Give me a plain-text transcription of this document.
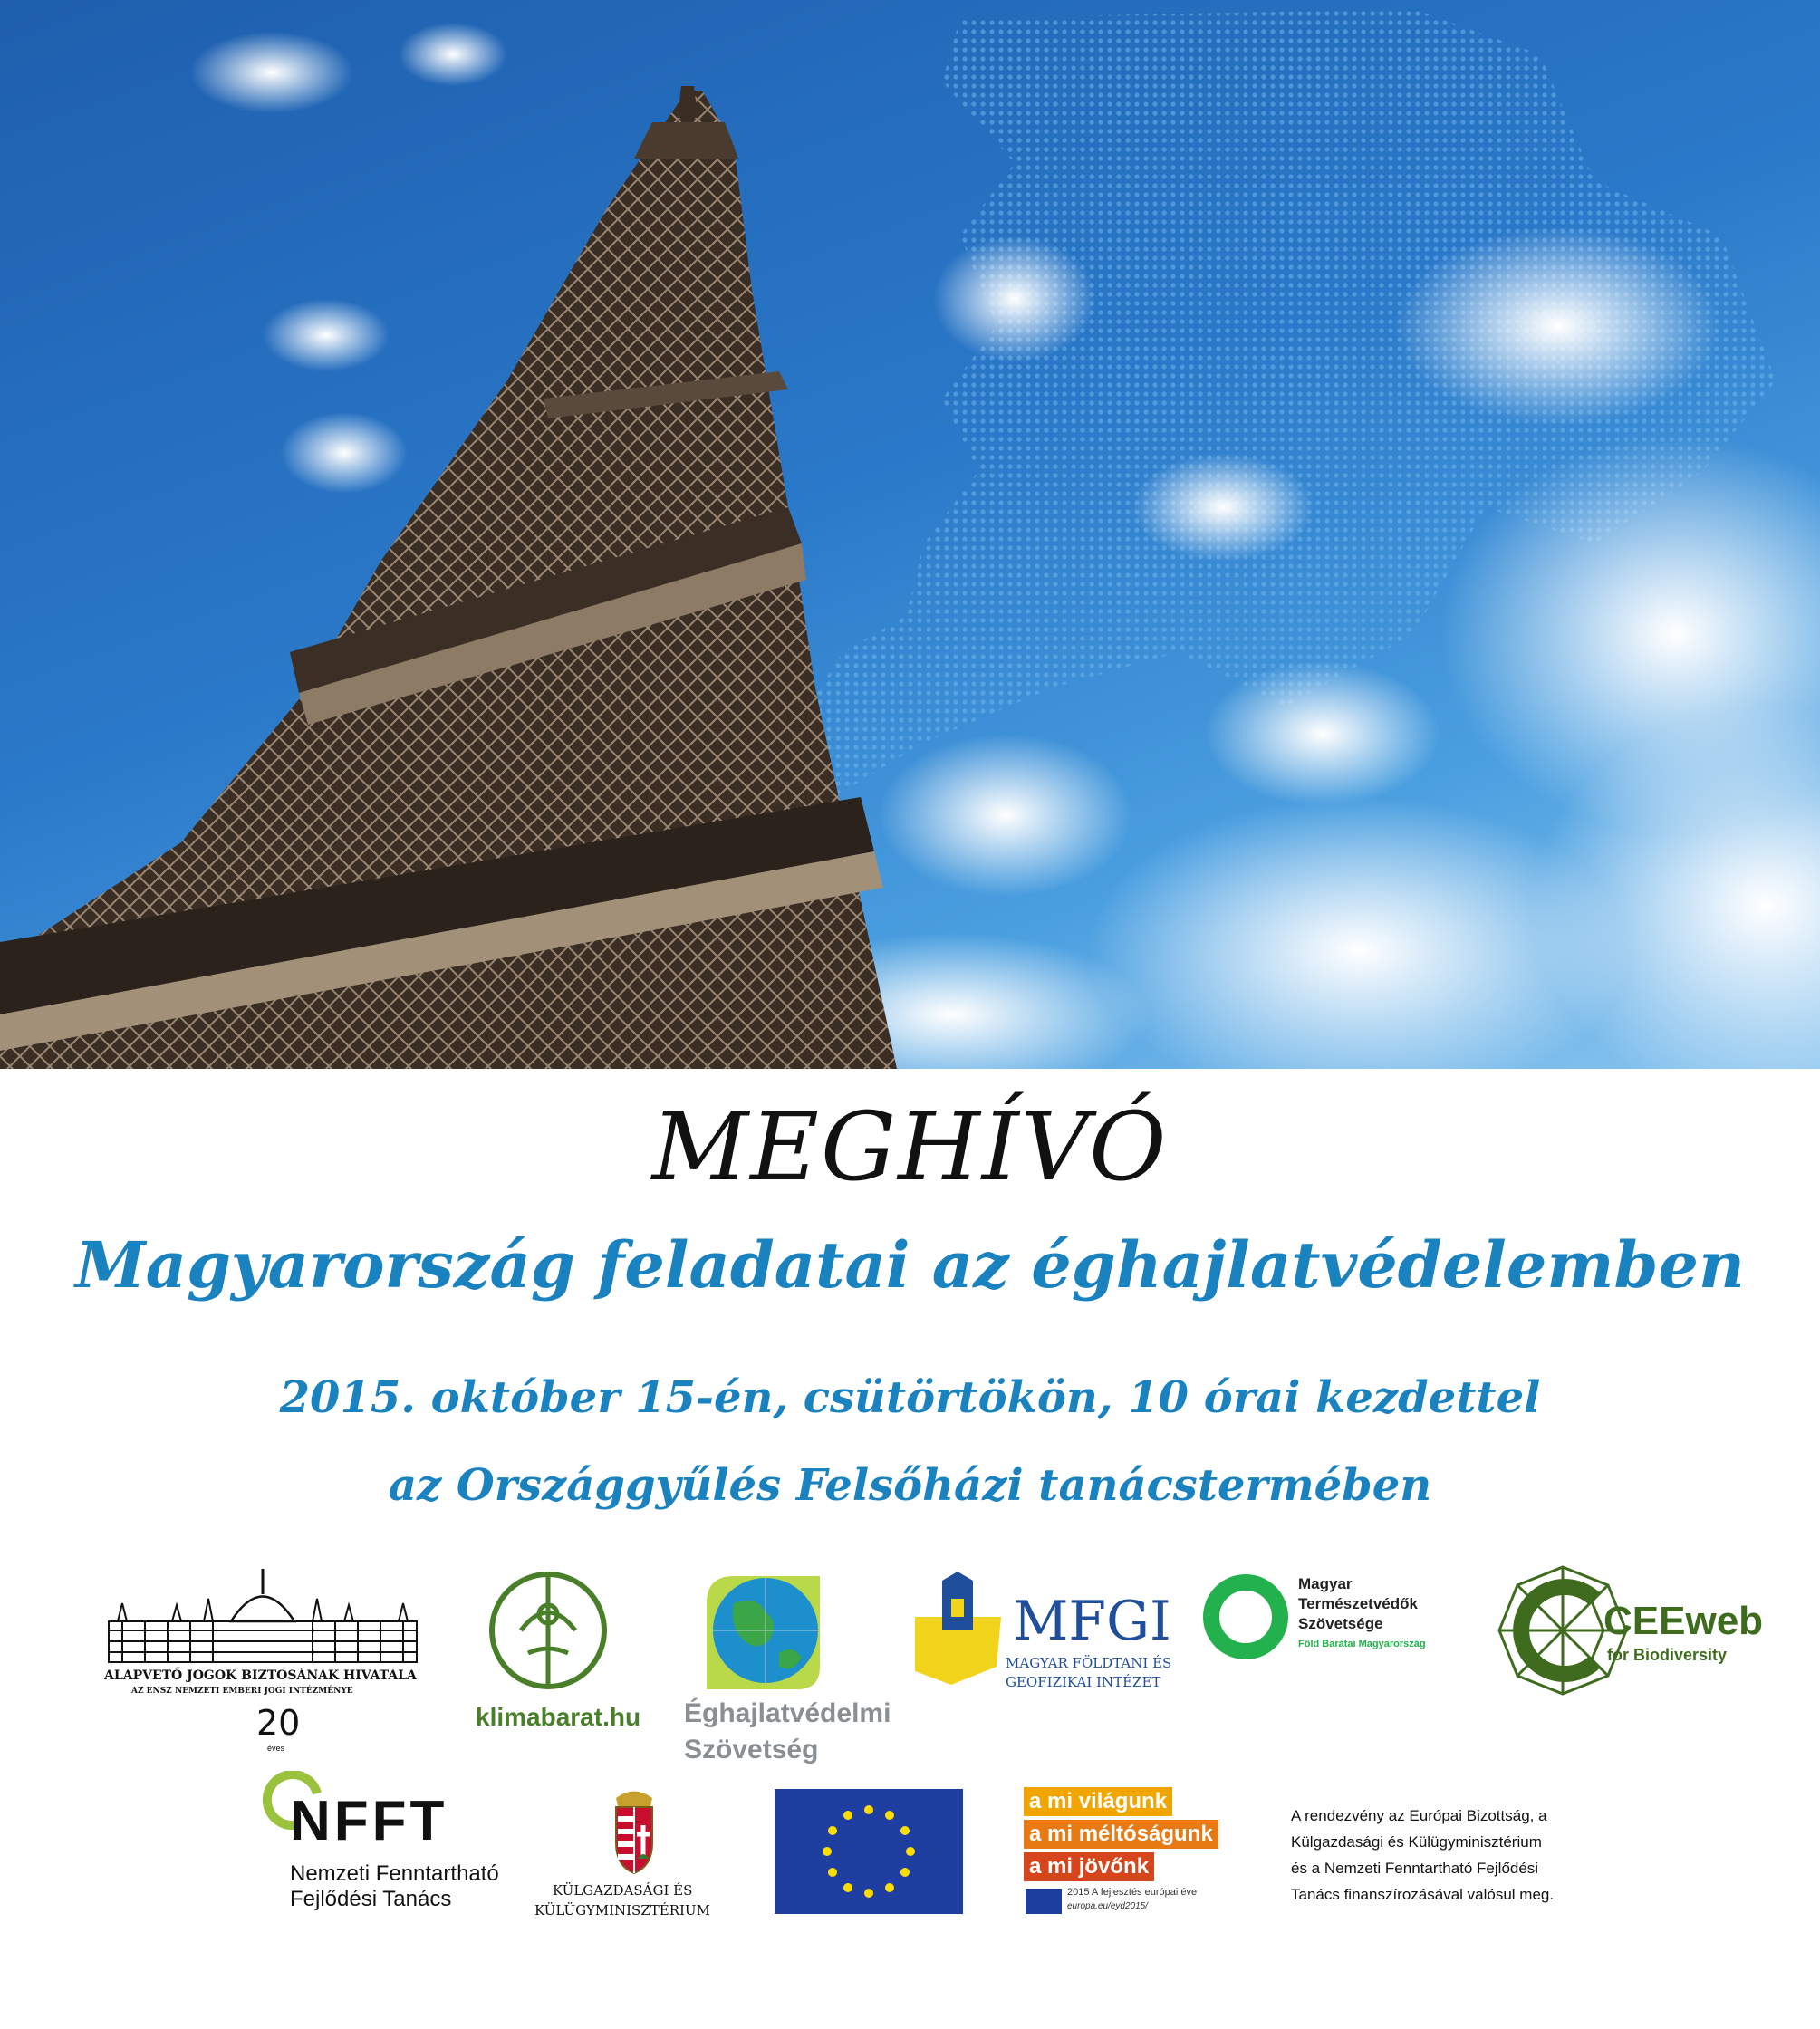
MEGHÍVÓ
Magyarország feladatai az éghajlatvédelemben
2015. október 15-én, csütörtökön, 10 órai kezdettel
az Országgyűlés Felsőházi tanácstermében
ALAPVETŐ JOGOK BIZTOSÁNAK HIVATALA
AZ ENSZ NEMZETI EMBERI JOGI INTÉZMÉNYE
20
éves
klimabarat.hu Éghajlatvédelmi
Szövetség
MFGI
MAGYAR FÖLDTANI ÉS
GEOFIZIKAI INTÉZET
Magyar
Természetvédők
Szövetsége
Föld Barátai Magyarország
CEEweb
for Biodiversity
NFFT
Nemzeti Fenntartható
Fejlődési Tanács	KÜLGAZDASÁGI ÉS
KÜLÜGYMINISZTÉRIUM
a mi világunk
a mi méltóságunk
a mi jövőnk
2015 A fejlesztés európai éve
europa.eu/eyd2015/
A rendezvény az Európai Bizottság, a
Külgazdasági és Külügyminisztérium
és a Nemzeti Fenntartható Fejlődési
Tanács finanszírozásával valósul meg.
